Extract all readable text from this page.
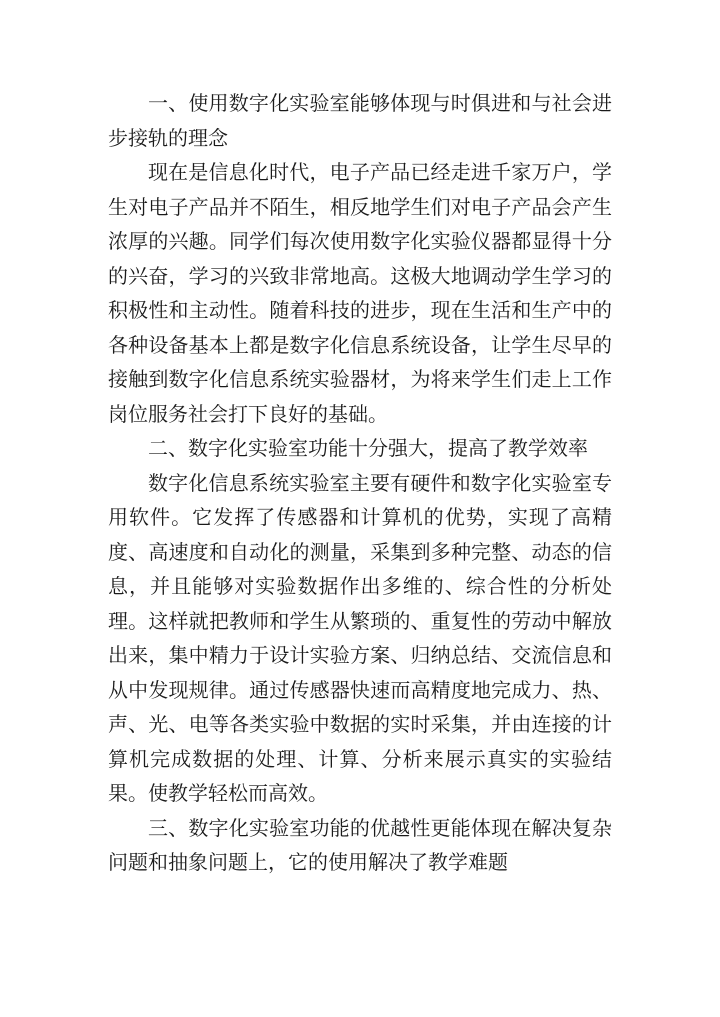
一、使用数字化实验室能够体现与时俱进和与社会进步接轨的理念

现在是信息化时代，电子产品已经走进千家万户，学生对电子产品并不陌生，相反地学生们对电子产品会产生浓厚的兴趣。同学们每次使用数字化实验仪器都显得十分的兴奋，学习的兴致非常地高。这极大地调动学生学习的积极性和主动性。随着科技的进步，现在生活和生产中的各种设备基本上都是数字化信息系统设备，让学生尽早的接触到数字化信息系统实验器材，为将来学生们走上工作岗位服务社会打下良好的基础。

二、数字化实验室功能十分强大，提高了教学效率

数字化信息系统实验室主要有硬件和数字化实验室专用软件。它发挥了传感器和计算机的优势，实现了高精度、高速度和自动化的测量，采集到多种完整、动态的信息，并且能够对实验数据作出多维的、综合性的分析处理。这样就把教师和学生从繁琐的、重复性的劳动中解放出来，集中精力于设计实验方案、归纳总结、交流信息和从中发现规律。通过传感器快速而高精度地完成力、热、声、光、电等各类实验中数据的实时采集，并由连接的计算机完成数据的处理、计算、分析来展示真实的实验结果。使教学轻松而高效。

三、数字化实验室功能的优越性更能体现在解决复杂问题和抽象问题上，它的使用解决了教学难题
